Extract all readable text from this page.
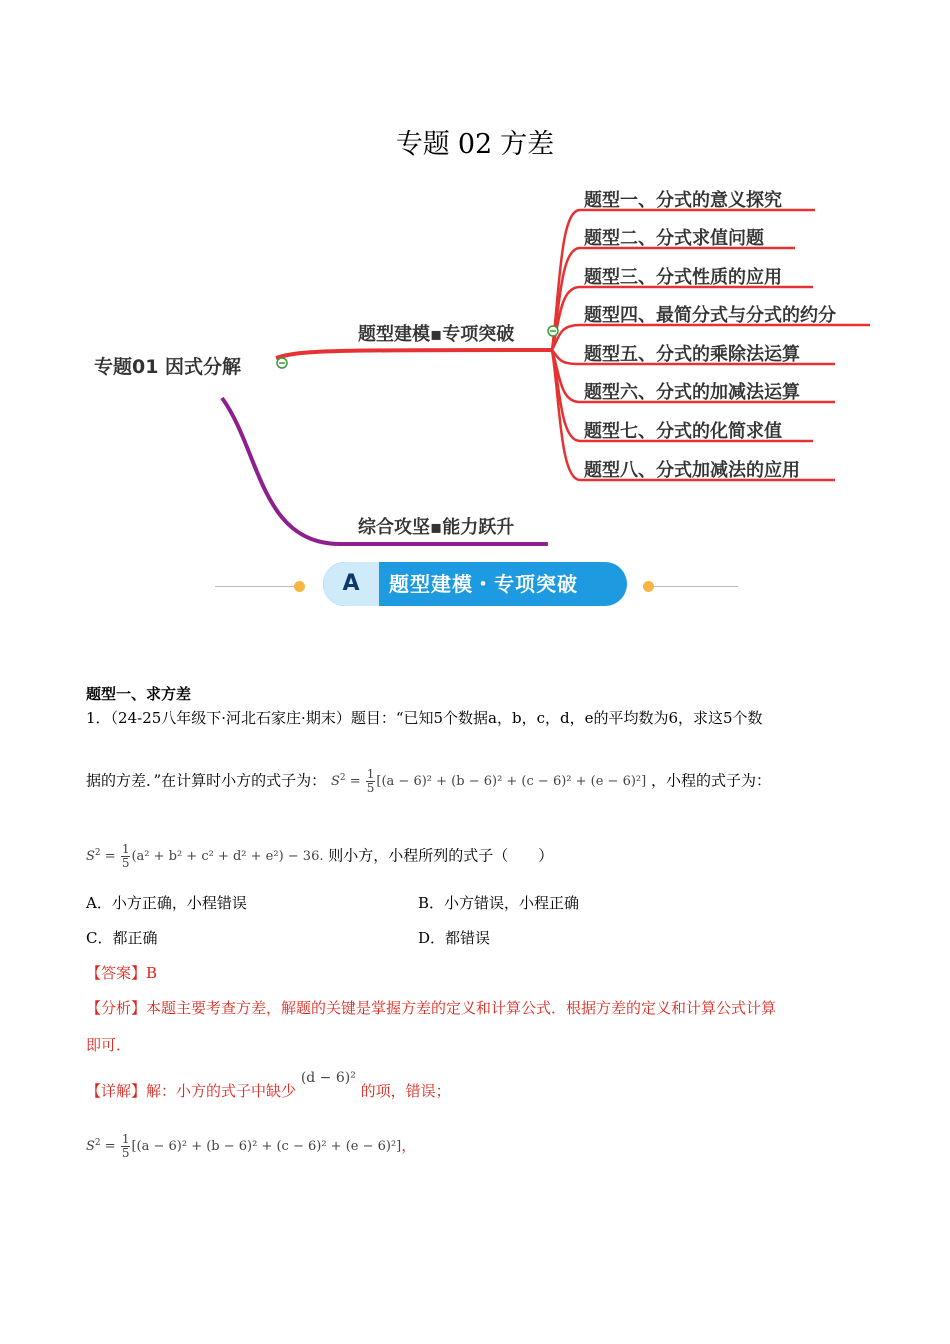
专题 02 方差
专题01 因式分解
题型建模▪专项突破
综合攻坚▪能力跃升
题型一、分式的意义探究
题型二、分式求值问题
题型三、分式性质的应用
题型四、最简分式与分式的约分
题型五、分式的乘除法运算
题型六、分式的加减法运算
题型七、分式的化简求值
题型八、分式加减法的应用
A	题型建模・专项突破
题型一、求方差
1．（24-25八年级下·河北石家庄·期末）题目：“已知5个数据a，b，c，d，e的平均数为6，求这5个数
据的方差．”在计算时小方的式子为： $S^2 = \frac{1}{5} [(a - 6)^2 + (b - 6)^2 + (c - 6)^2 + (e - 6)^2]$ ，小程的式子为：
$S^2 = \frac{1}{5} (a^2 + b^2 + c^2 + d^2 + e^2) - 36$. 则小方，小程所列的式子（　　）
A．小方正确，小程错误	B．小方错误，小程正确
C．都正确	D．都错误
【答案】B
【分析】本题主要考查方差，解题的关键是掌握方差的定义和计算公式．根据方差的定义和计算公式计算
即可．
【详解】解：小方的式子中缺少 (d − 6)² 的项，错误；
$S^2 = \frac{1}{5} [(a - 6)^2 + (b - 6)^2 + (c - 6)^2 + (e - 6)^2]$，
